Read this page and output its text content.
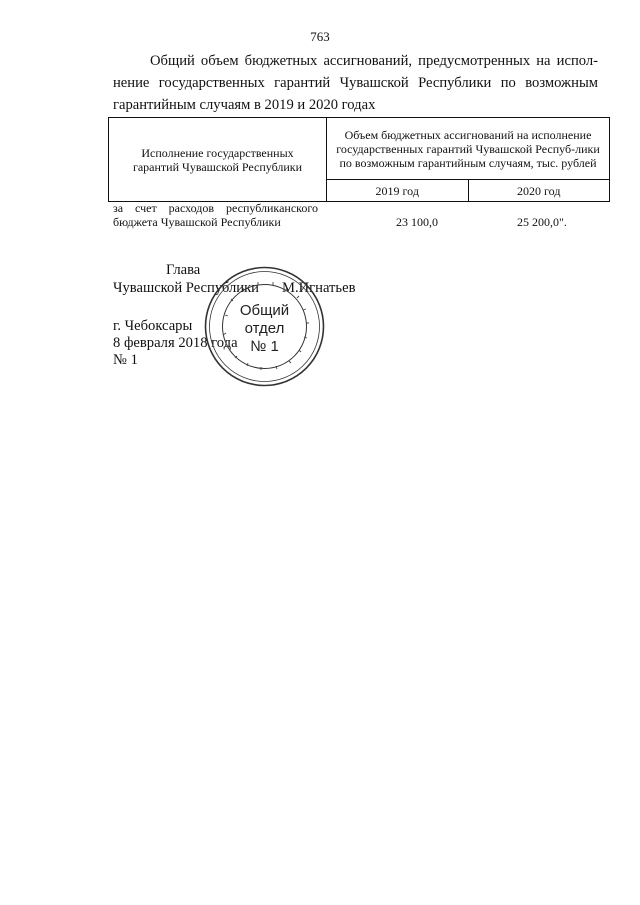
763
Общий объем бюджетных ассигнований, предусмотренных на испол- нение государственных гарантий Чувашской Республики по возможным гарантийным случаям в 2019 и 2020 годах
Исполнение государственных гарантий Чувашской Республики	Объем бюджетных ассигнований на исполнение государственных гарантий Чувашской Респуб-лики по возможным гарантийным случаям, тыс. рублей	
	2019 год	2020 год
за счет расходов республиканского бюджета Чувашской Республики	23 100,0	25 200,0".
Глава
Чувашской Республики М.Игнатьев
г. Чебоксары
8 февраля 2018 года
№ 1
Общий
отдел
№ 1
